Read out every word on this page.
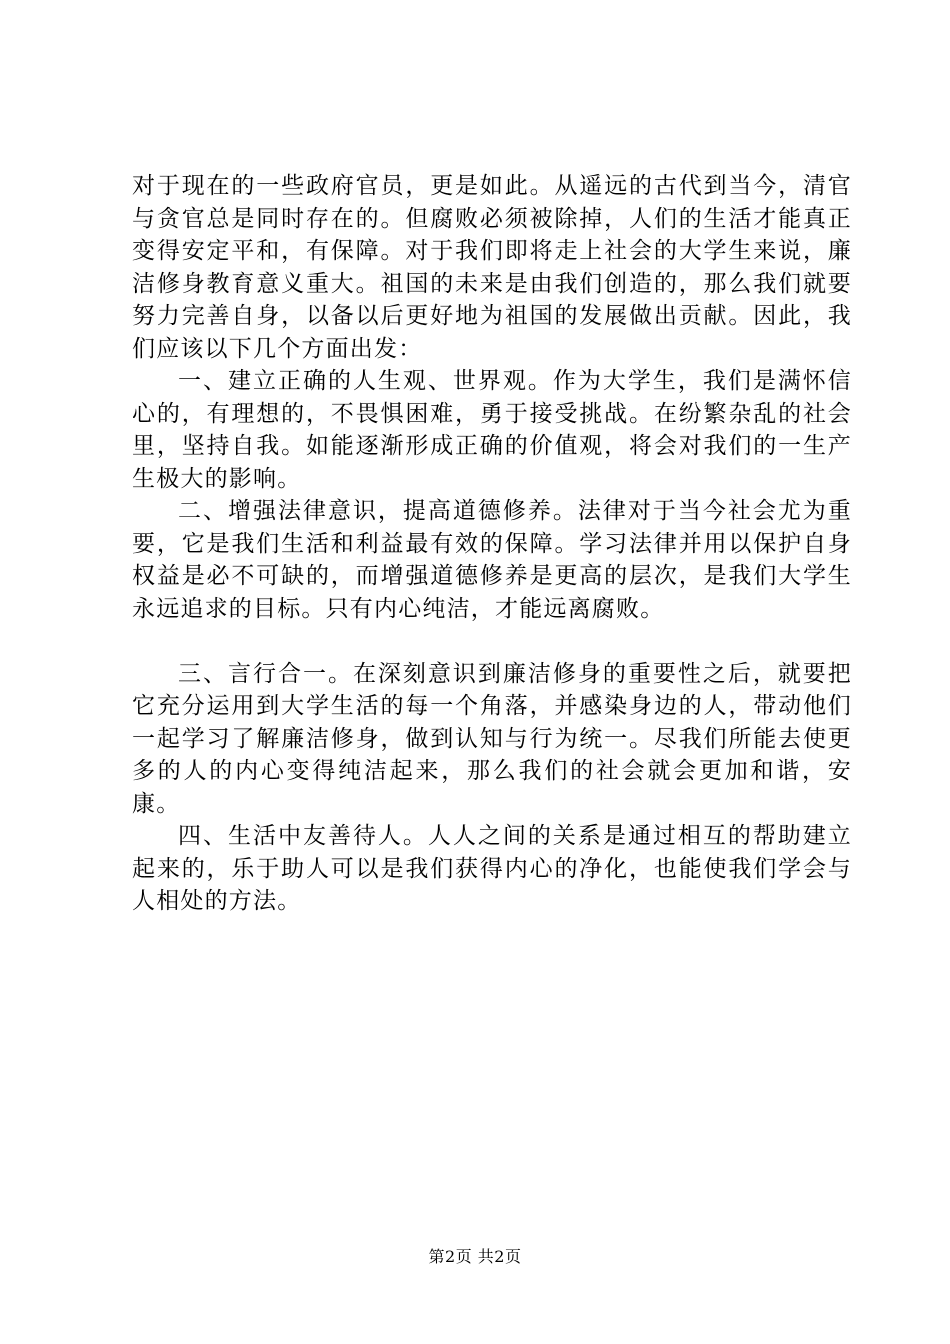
对于现在的一些政府官员，更是如此。从遥远的古代到当今，清官与贪官总是同时存在的。但腐败必须被除掉，人们的生活才能真正变得安定平和，有保障。对于我们即将走上社会的大学生来说，廉洁修身教育意义重大。祖国的未来是由我们创造的，那么我们就要努力完善自身，以备以后更好地为祖国的发展做出贡献。因此，我们应该以下几个方面出发：

一、建立正确的人生观、世界观。作为大学生，我们是满怀信心的，有理想的，不畏惧困难，勇于接受挑战。在纷繁杂乱的社会里，坚持自我。如能逐渐形成正确的价值观，将会对我们的一生产生极大的影响。

二、增强法律意识，提高道德修养。法律对于当今社会尤为重要，它是我们生活和利益最有效的保障。学习法律并用以保护自身权益是必不可缺的，而增强道德修养是更高的层次，是我们大学生永远追求的目标。只有内心纯洁，才能远离腐败。

三、言行合一。在深刻意识到廉洁修身的重要性之后，就要把它充分运用到大学生活的每一个角落，并感染身边的人，带动他们一起学习了解廉洁修身，做到认知与行为统一。尽我们所能去使更多的人的内心变得纯洁起来，那么我们的社会就会更加和谐，安康。

四、生活中友善待人。人人之间的关系是通过相互的帮助建立起来的，乐于助人可以是我们获得内心的净化，也能使我们学会与人相处的方法。

第2页 共2页
